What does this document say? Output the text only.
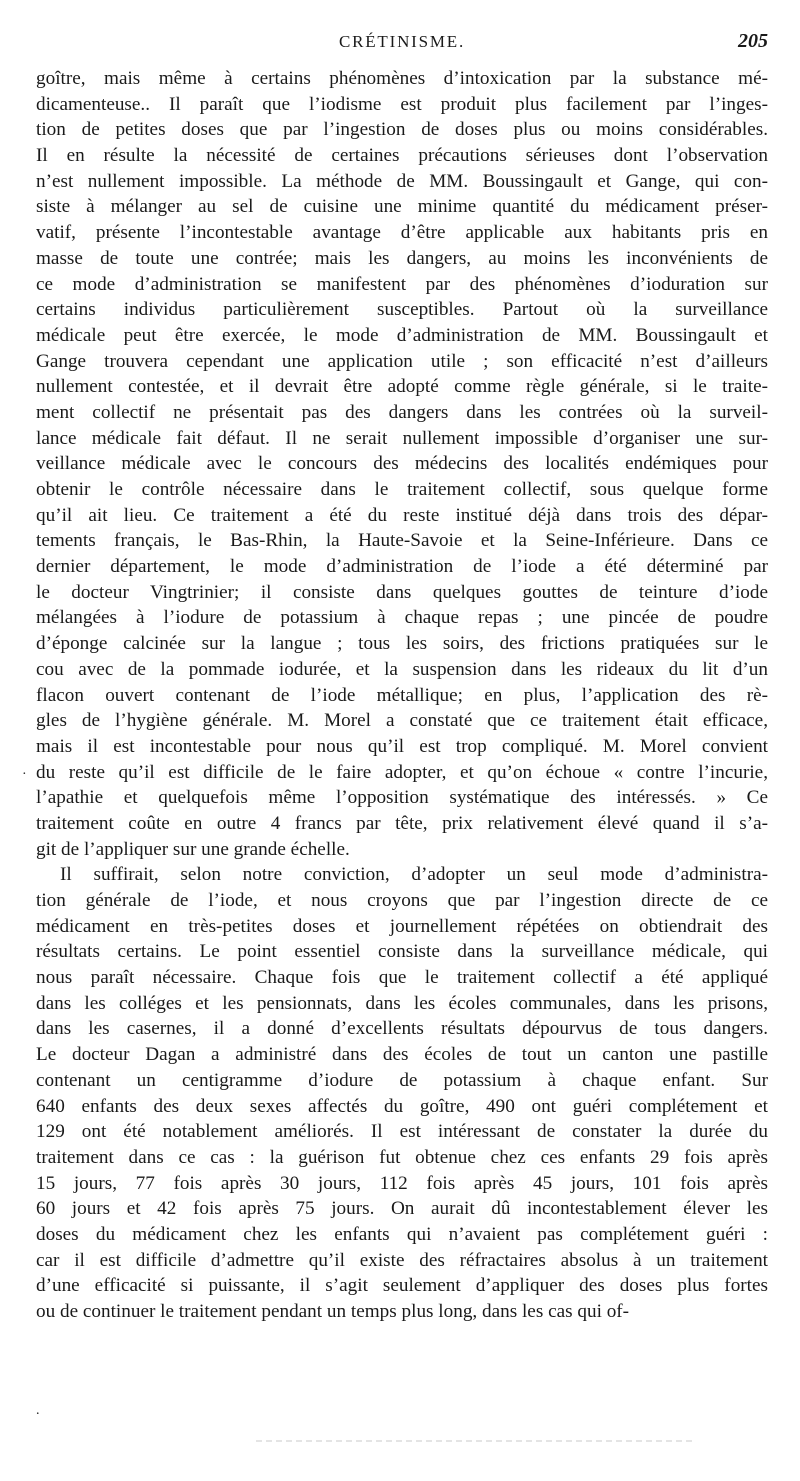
CRÉTINISME.	205
goître, mais même à certains phénomènes d’intoxication par la substance mé-
dicamenteuse.. Il paraît que l’iodisme est produit plus facilement par l’inges-
tion de petites doses que par l’ingestion de doses plus ou moins considérables.
Il en résulte la nécessité de certaines précautions sérieuses dont l’observation
n’est nullement impossible. La méthode de MM. Boussingault et Gange, qui con-
siste à mélanger au sel de cuisine une minime quantité du médicament préser-
vatif, présente l’incontestable avantage d’être applicable aux habitants pris en
masse de toute une contrée; mais les dangers, au moins les inconvénients de
ce mode d’administration se manifestent par des phénomènes d’ioduration sur
certains individus particulièrement susceptibles. Partout où la surveillance
médicale peut être exercée, le mode d’administration de MM. Boussingault et
Gange trouvera cependant une application utile ; son efficacité n’est d’ailleurs
nullement contestée, et il devrait être adopté comme règle générale, si le traite-
ment collectif ne présentait pas des dangers dans les contrées où la surveil-
lance médicale fait défaut. Il ne serait nullement impossible d’organiser une sur-
veillance médicale avec le concours des médecins des localités endémiques pour
obtenir le contrôle nécessaire dans le traitement collectif, sous quelque forme
qu’il ait lieu. Ce traitement a été du reste institué déjà dans trois des dépar-
tements français, le Bas-Rhin, la Haute-Savoie et la Seine-Inférieure. Dans ce
dernier département, le mode d’administration de l’iode a été déterminé par
le docteur Vingtrinier; il consiste dans quelques gouttes de teinture d’iode
mélangées à l’iodure de potassium à chaque repas ; une pincée de poudre
d’éponge calcinée sur la langue ; tous les soirs, des frictions pratiquées sur le
cou avec de la pommade iodurée, et la suspension dans les rideaux du lit d’un
flacon ouvert contenant de l’iode métallique; en plus, l’application des rè-
gles de l’hygiène générale. M. Morel a constaté que ce traitement était efficace,
mais il est incontestable pour nous qu’il est trop compliqué. M. Morel convient
du reste qu’il est difficile de le faire adopter, et qu’on échoue « contre l’incurie,
l’apathie et quelquefois même l’opposition systématique des intéressés. » Ce
traitement coûte en outre 4 francs par tête, prix relativement élevé quand il s’a-
git de l’appliquer sur une grande échelle.
Il suffirait, selon notre conviction, d’adopter un seul mode d’administra-
tion générale de l’iode, et nous croyons que par l’ingestion directe de ce
médicament en très-petites doses et journellement répétées on obtiendrait des
résultats certains. Le point essentiel consiste dans la surveillance médicale, qui
nous paraît nécessaire. Chaque fois que le traitement collectif a été appliqué
dans les colléges et les pensionnats, dans les écoles communales, dans les prisons,
dans les casernes, il a donné d’excellents résultats dépourvus de tous dangers.
Le docteur Dagan a administré dans des écoles de tout un canton une pastille
contenant un centigramme d’iodure de potassium à chaque enfant. Sur
640 enfants des deux sexes affectés du goître, 490 ont guéri complétement et
129 ont été notablement améliorés. Il est intéressant de constater la durée du
traitement dans ce cas : la guérison fut obtenue chez ces enfants 29 fois après
15 jours, 77 fois après 30 jours, 112 fois après 45 jours, 101 fois après
60 jours et 42 fois après 75 jours. On aurait dû incontestablement élever les
doses du médicament chez les enfants qui n’avaient pas complétement guéri :
car il est difficile d’admettre qu’il existe des réfractaires absolus à un traitement
d’une efficacité si puissante, il s’agit seulement d’appliquer des doses plus fortes
ou de continuer le traitement pendant un temps plus long, dans les cas qui of-
·
.
